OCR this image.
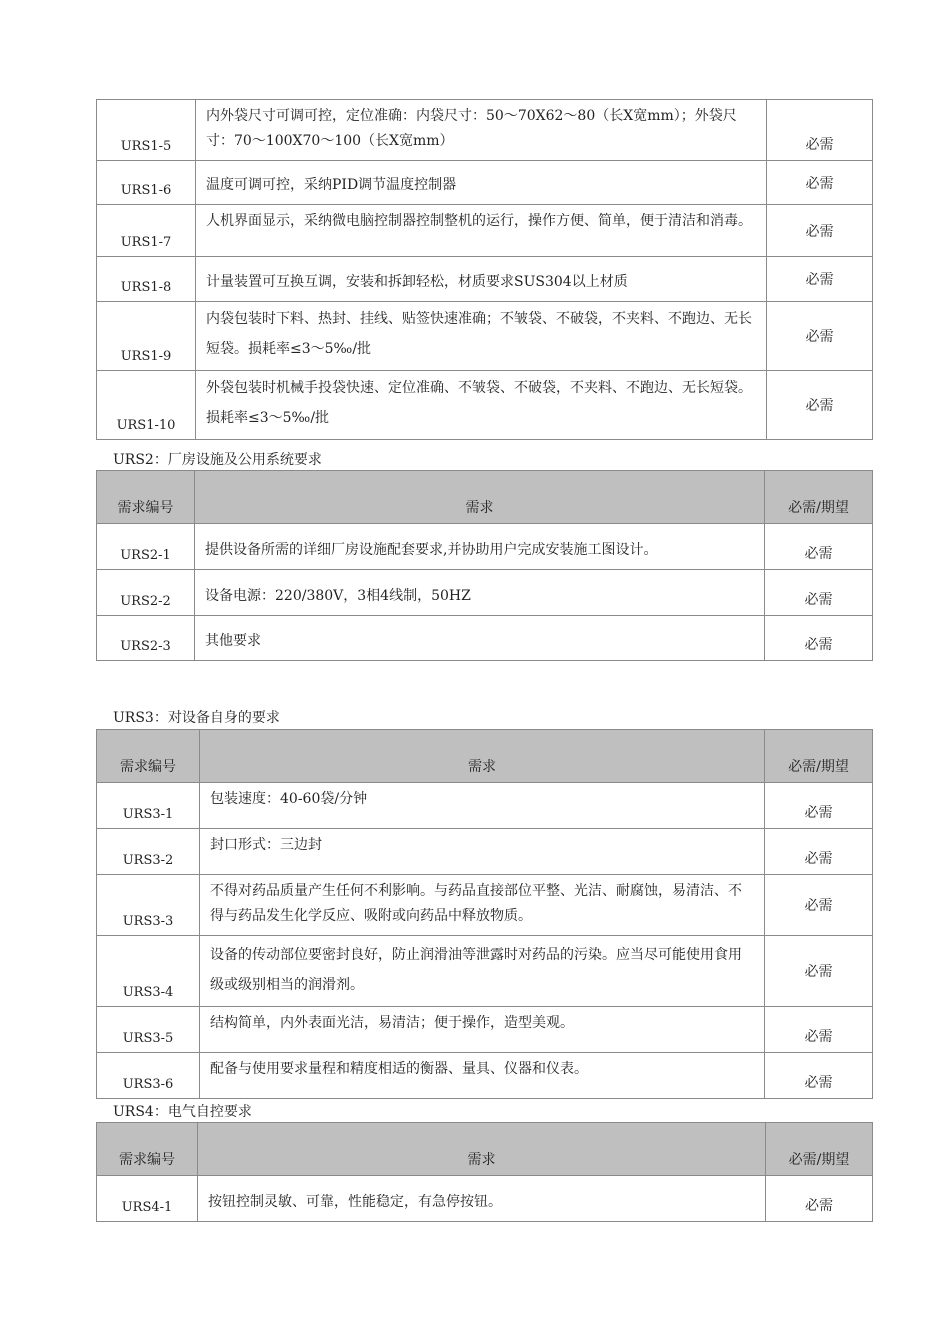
URS1-5	内外袋尺寸可调可控，定位准确：内袋尺寸：50～70X62～80（长X宽mm）；外袋尺寸：70～100X70～100（长X宽mm）	必需
URS1-6	温度可调可控，采纳PID调节温度控制器	必需
URS1-7	人机界面显示，采纳微电脑控制器控制整机的运行，操作方便、简单，便于清洁和消毒。	必需
URS1-8	计量装置可互换互调，安装和拆卸轻松，材质要求SUS304以上材质	必需
URS1-9	内袋包装时下料、热封、挂线、贴签快速准确；不皱袋、不破袋，不夹料、不跑边、无长短袋。损耗率≤3～5‰/批	必需
URS1-10	外袋包装时机械手投袋快速、定位准确、不皱袋、不破袋，不夹料、不跑边、无长短袋。损耗率≤3～5‰/批	必需
URS2：厂房设施及公用系统要求
需求编号	需求	必需/期望
URS2-1	提供设备所需的详细厂房设施配套要求,并协助用户完成安装施工图设计。	必需
URS2-2	设备电源：220/380V，3相4线制，50HZ	必需
URS2-3	其他要求	必需
URS3：对设备自身的要求
需求编号	需求	必需/期望
URS3-1	包装速度：40-60袋/分钟	必需
URS3-2	封口形式：三边封	必需
URS3-3	不得对药品质量产生任何不利影响。与药品直接部位平整、光洁、耐腐蚀，易清洁、不得与药品发生化学反应、吸附或向药品中释放物质。	必需
URS3-4	设备的传动部位要密封良好，防止润滑油等泄露时对药品的污染。应当尽可能使用食用级或级别相当的润滑剂。	必需
URS3-5	结构简单，内外表面光洁，易清洁；便于操作，造型美观。	必需
URS3-6	配备与使用要求量程和精度相适的衡器、量具、仪器和仪表。	必需
URS4：电气自控要求
需求编号	需求	必需/期望
URS4-1	按钮控制灵敏、可靠，性能稳定，有急停按钮。	必需
